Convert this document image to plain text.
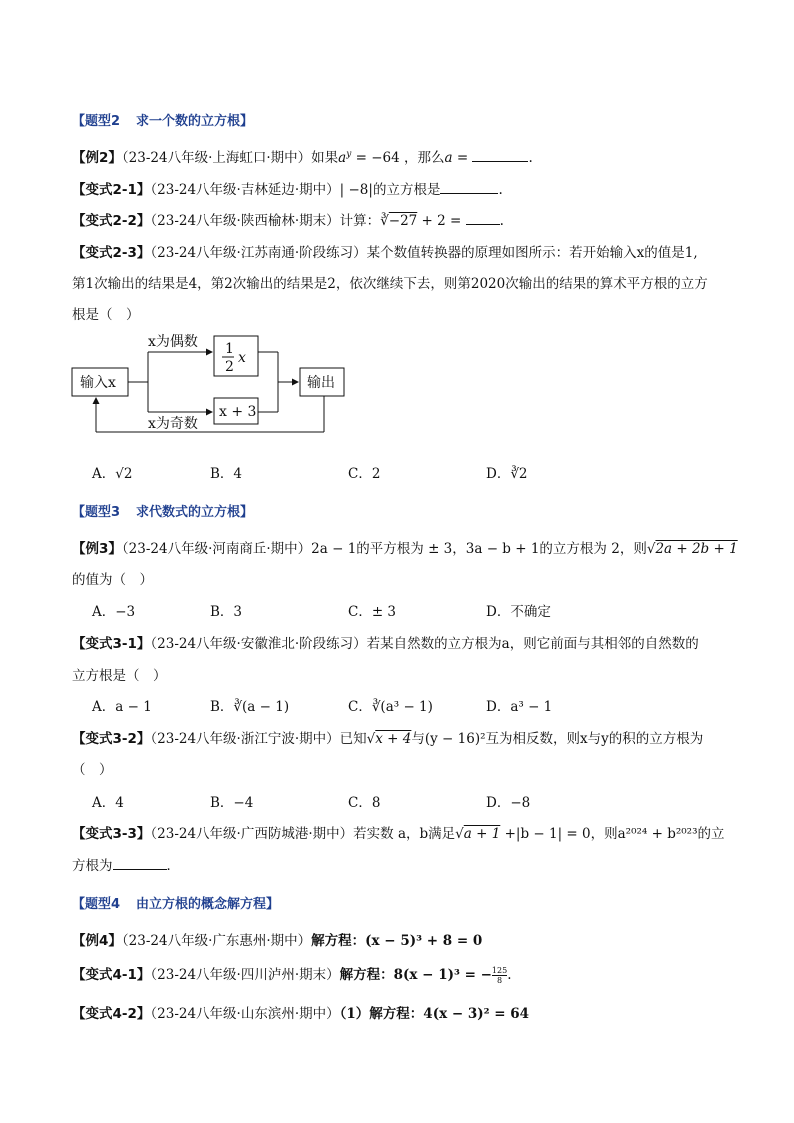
【题型2 求一个数的立方根】
【例2】（23-24八年级·上海虹口·期中）如果$a^y = -64$ ，那么a =	.
【变式2-1】（23-24八年级·吉林延边·期中）| −8|的立方根是	.
【变式2-2】（23-24八年级·陕西榆林·期末）计算：∛−27 + 2 =	.
【变式2-3】（23-24八年级·江苏南通·阶段练习）某个数值转换器的原理如图所示：若开始输入x的值是1,
第1次输出的结果是4，第2次输出的结果是2，依次继续下去，则第2020次输出的结果的算术平方根的立方
根是（　）
输入x
x为偶数 1
2
x
x + 3
输出
x为奇数
A．√2	B．4	C．2	D．∛2
【题型3 求代数式的立方根】
【例3】（23-24八年级·河南商丘·期中）2a − 1的平方根为 ± 3，3a − b + 1的立方根为 2，则√2a + 2b + 1
的值为（　）
A．−3	B．3	C．± 3	D．不确定
【变式3-1】（23-24八年级·安徽淮北·阶段练习）若某自然数的立方根为a，则它前面与其相邻的自然数的
立方根是（　）
A．a − 1	B．∛(a − 1)	C．∛(a³ − 1)	D．a³ − 1
【变式3-2】（23-24八年级·浙江宁波·期中）已知√x + 4与(y − 16)²互为相反数，则x与y的积的立方根为
（　）
A．4	B．−4	C．8	D．−8
【变式3-3】（23-24八年级·广西防城港·期中）若实数 a，b满足√a + 1 +|b − 1| = 0，则a²⁰²⁴ + b²⁰²³的立
方根为	．
【题型4 由立方根的概念解方程】
【例4】（23-24八年级·广东惠州·期中）解方程：(x − 5)³ + 8 = 0
【变式4-1】（23-24八年级·四川泸州·期末）解方程：8(x − 1)³ = − $\frac{125}{8}$ .
【变式4-2】（23-24八年级·山东滨州·期中）（1）解方程：4(x − 3)² = 64
